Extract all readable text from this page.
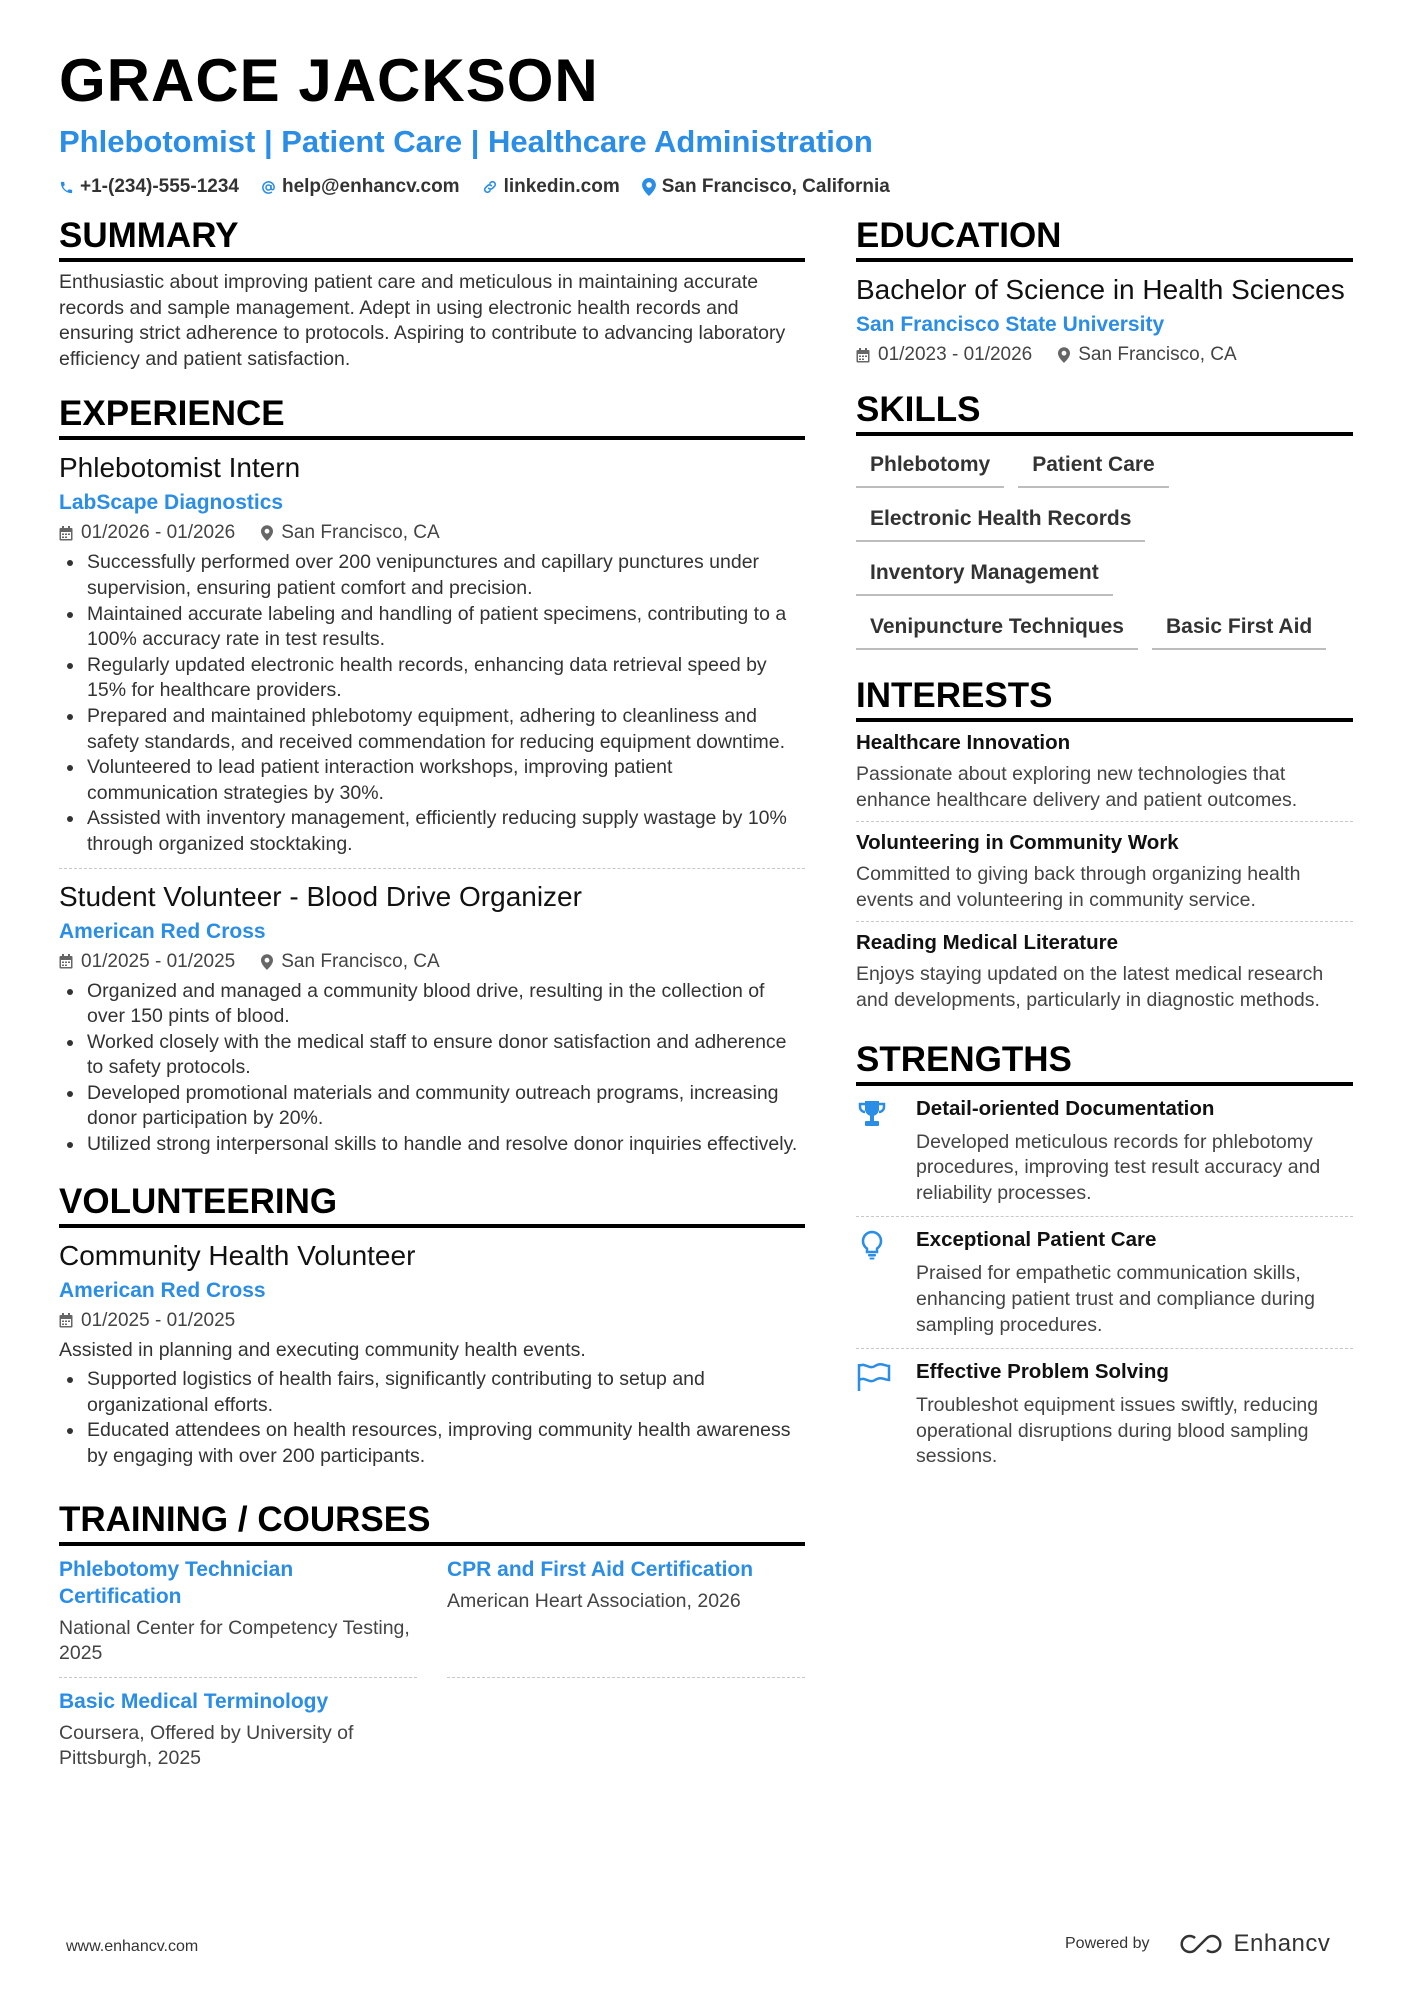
GRACE JACKSON
Phlebotomist | Patient Care | Healthcare Administration
+1-(234)-555-1234 help@enhancv.com linkedin.com San Francisco, California
SUMMARY
Enthusiastic about improving patient care and meticulous in maintaining accurate records and sample management. Adept in using electronic health records and ensuring strict adherence to protocols. Aspiring to contribute to advancing laboratory efficiency and patient satisfaction.
EXPERIENCE
Phlebotomist Intern
LabScape Diagnostics
01/2026 - 01/2026 San Francisco, CA
Successfully performed over 200 venipunctures and capillary punctures under supervision, ensuring patient comfort and precision.
Maintained accurate labeling and handling of patient specimens, contributing to a 100% accuracy rate in test results.
Regularly updated electronic health records, enhancing data retrieval speed by 15% for healthcare providers.
Prepared and maintained phlebotomy equipment, adhering to cleanliness and safety standards, and received commendation for reducing equipment downtime.
Volunteered to lead patient interaction workshops, improving patient communication strategies by 30%.
Assisted with inventory management, efficiently reducing supply wastage by 10% through organized stocktaking.
Student Volunteer - Blood Drive Organizer
American Red Cross
01/2025 - 01/2025 San Francisco, CA
Organized and managed a community blood drive, resulting in the collection of over 150 pints of blood.
Worked closely with the medical staff to ensure donor satisfaction and adherence to safety protocols.
Developed promotional materials and community outreach programs, increasing donor participation by 20%.
Utilized strong interpersonal skills to handle and resolve donor inquiries effectively.
VOLUNTEERING
Community Health Volunteer
American Red Cross
01/2025 - 01/2025
Assisted in planning and executing community health events.
Supported logistics of health fairs, significantly contributing to setup and organizational efforts.
Educated attendees on health resources, improving community health awareness by engaging with over 200 participants.
TRAINING / COURSES
Phlebotomy Technician Certification
National Center for Competency Testing, 2025
CPR and First Aid Certification
American Heart Association, 2026
Basic Medical Terminology
Coursera, Offered by University of Pittsburgh, 2025
EDUCATION
Bachelor of Science in Health Sciences
San Francisco State University
01/2023 - 01/2026 San Francisco, CA
SKILLS
Phlebotomy	Patient Care
Electronic Health Records
Inventory Management
Venipuncture Techniques	Basic First Aid
INTERESTS
Healthcare Innovation
Passionate about exploring new technologies that enhance healthcare delivery and patient outcomes.
Volunteering in Community Work
Committed to giving back through organizing health events and volunteering in community service.
Reading Medical Literature
Enjoys staying updated on the latest medical research and developments, particularly in diagnostic methods.
STRENGTHS
Detail-oriented Documentation
Developed meticulous records for phlebotomy procedures, improving test result accuracy and reliability processes.
Exceptional Patient Care
Praised for empathetic communication skills, enhancing patient trust and compliance during sampling procedures.
Effective Problem Solving
Troubleshot equipment issues swiftly, reducing operational disruptions during blood sampling sessions.
www.enhancv.com	Powered by	Enhancv
